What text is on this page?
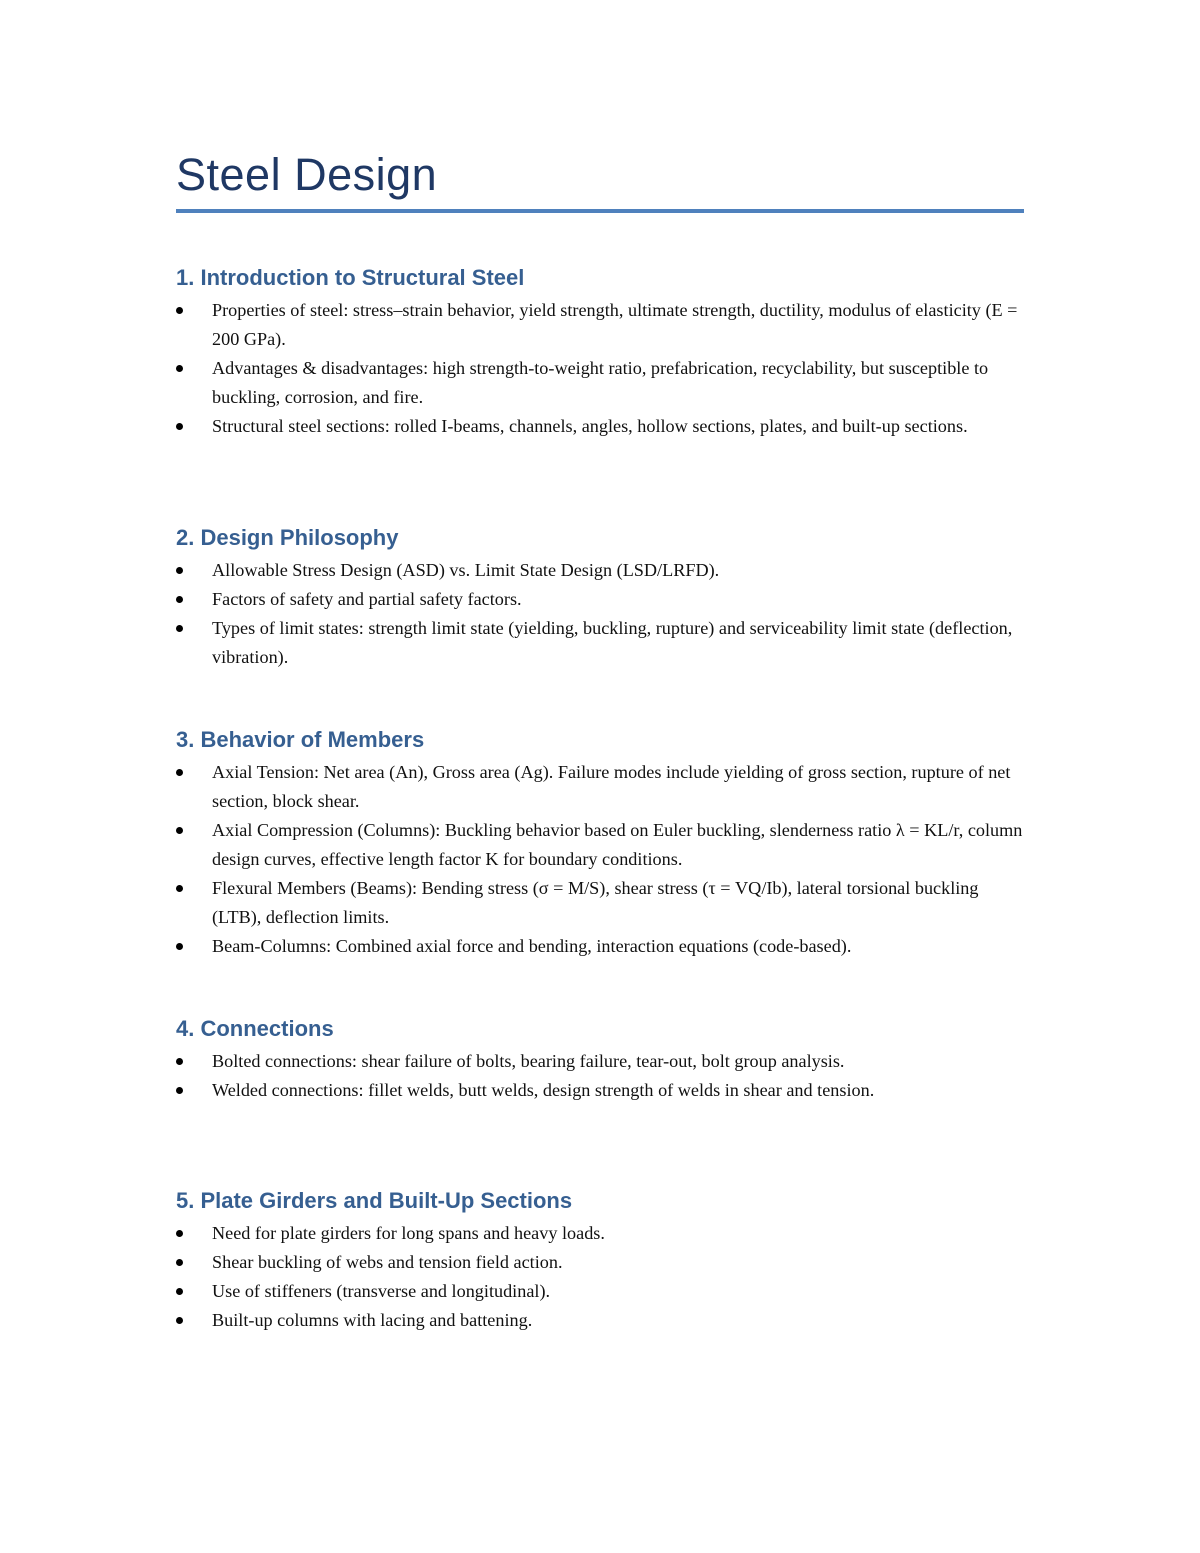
Steel Design
1. Introduction to Structural Steel
Properties of steel: stress–strain behavior, yield strength, ultimate strength, ductility, modulus of elasticity (E = 200 GPa).
Advantages & disadvantages: high strength-to-weight ratio, prefabrication, recyclability, but susceptible to buckling, corrosion, and fire.
Structural steel sections: rolled I-beams, channels, angles, hollow sections, plates, and built-up sections.
2. Design Philosophy
Allowable Stress Design (ASD) vs. Limit State Design (LSD/LRFD).
Factors of safety and partial safety factors.
Types of limit states: strength limit state (yielding, buckling, rupture) and serviceability limit state (deflection, vibration).
3. Behavior of Members
Axial Tension: Net area (An), Gross area (Ag). Failure modes include yielding of gross section, rupture of net section, block shear.
Axial Compression (Columns): Buckling behavior based on Euler buckling, slenderness ratio λ = KL/r, column design curves, effective length factor K for boundary conditions.
Flexural Members (Beams): Bending stress (σ = M/S), shear stress (τ = VQ/Ib), lateral torsional buckling (LTB), deflection limits.
Beam-Columns: Combined axial force and bending, interaction equations (code-based).
4. Connections
Bolted connections: shear failure of bolts, bearing failure, tear-out, bolt group analysis.
Welded connections: fillet welds, butt welds, design strength of welds in shear and tension.
5. Plate Girders and Built-Up Sections
Need for plate girders for long spans and heavy loads.
Shear buckling of webs and tension field action.
Use of stiffeners (transverse and longitudinal).
Built-up columns with lacing and battening.
